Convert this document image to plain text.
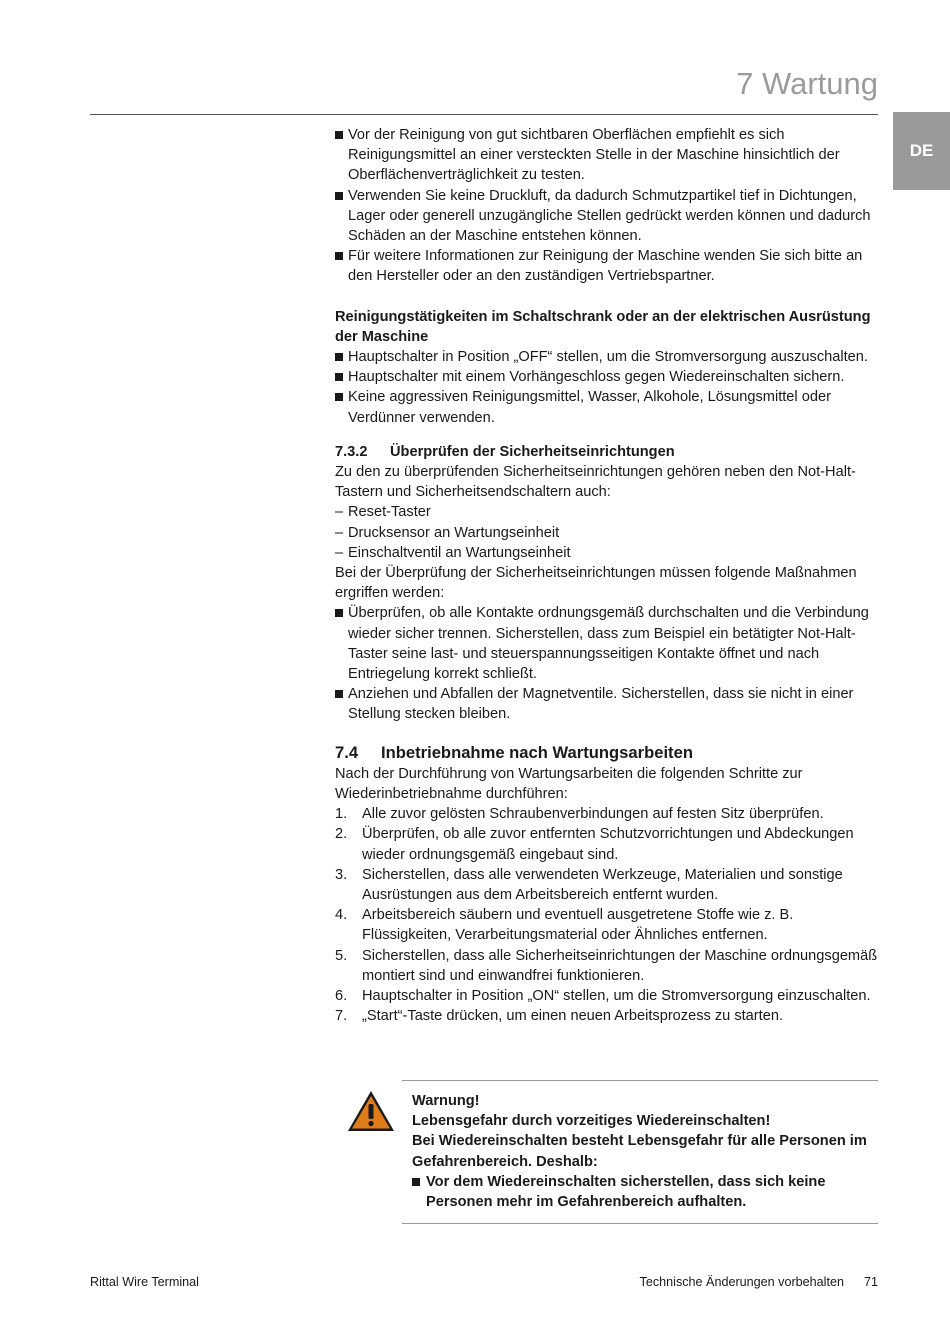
7 Wartung
DE
Vor der Reinigung von gut sichtbaren Oberflächen empfiehlt es sich Reinigungsmittel an einer versteckten Stelle in der Maschine hinsichtlich der Oberflächenverträglichkeit zu testen.
Verwenden Sie keine Druckluft, da dadurch Schmutzpartikel tief in Dichtungen, Lager oder generell unzugängliche Stellen gedrückt werden können und dadurch Schäden an der Maschine entstehen können.
Für weitere Informationen zur Reinigung der Maschine wenden Sie sich bitte an den Hersteller oder an den zuständigen Vertriebspartner.

Reinigungstätigkeiten im Schaltschrank oder an der elektrischen Ausrüstung der Maschine

Hauptschalter in Position „OFF“ stellen, um die Stromversorgung auszuschalten.
Hauptschalter mit einem Vorhängeschloss gegen Wiedereinschalten sichern.
Keine aggressiven Reinigungsmittel, Wasser, Alkohole, Lösungsmittel oder Verdünner verwenden.
7.3.2 Überprüfen der Sicherheitseinrichtungen

Zu den zu überprüfenden Sicherheitseinrichtungen gehören neben den Not-Halt-Tastern und Sicherheitsendschaltern auch:

– Reset-Taster
– Drucksensor an Wartungseinheit
– Einschaltventil an Wartungseinheit

Bei der Überprüfung der Sicherheitseinrichtungen müssen folgende Maßnahmen ergriffen werden:

Überprüfen, ob alle Kontakte ordnungsgemäß durchschalten und die Verbindung wieder sicher trennen. Sicherstellen, dass zum Beispiel ein betätigter Not-Halt-Taster seine last- und steuerspannungsseitigen Kontakte öffnet und nach Entriegelung korrekt schließt.
Anziehen und Abfallen der Magnetventile. Sicherstellen, dass sie nicht in einer Stellung stecken bleiben.
7.4 Inbetriebnahme nach Wartungsarbeiten

Nach der Durchführung von Wartungsarbeiten die folgenden Schritte zur Wiederinbetriebnahme durchführen:

1. Alle zuvor gelösten Schraubenverbindungen auf festen Sitz überprüfen.
2. Überprüfen, ob alle zuvor entfernten Schutzvorrichtungen und Abdeckungen wieder ordnungsgemäß eingebaut sind.
3. Sicherstellen, dass alle verwendeten Werkzeuge, Materialien und sonstige Ausrüstungen aus dem Arbeitsbereich entfernt wurden.
4. Arbeitsbereich säubern und eventuell ausgetretene Stoffe wie z. B. Flüssigkeiten, Verarbeitungsmaterial oder Ähnliches entfernen.
5. Sicherstellen, dass alle Sicherheitseinrichtungen der Maschine ordnungsgemäß montiert sind und einwandfrei funktionieren.
6. Hauptschalter in Position „ON“ stellen, um die Stromversorgung einzuschalten.
7. „Start“-Taste drücken, um einen neuen Arbeitsprozess zu starten.

Warnung!

Lebensgefahr durch vorzeitiges Wiedereinschalten!

Bei Wiedereinschalten besteht Lebensgefahr für alle Personen im Gefahrenbereich. Deshalb:

Vor dem Wiedereinschalten sicherstellen, dass sich keine Personen mehr im Gefahrenbereich aufhalten.
Rittal Wire Terminal	Technische Änderungen vorbehalten 71
